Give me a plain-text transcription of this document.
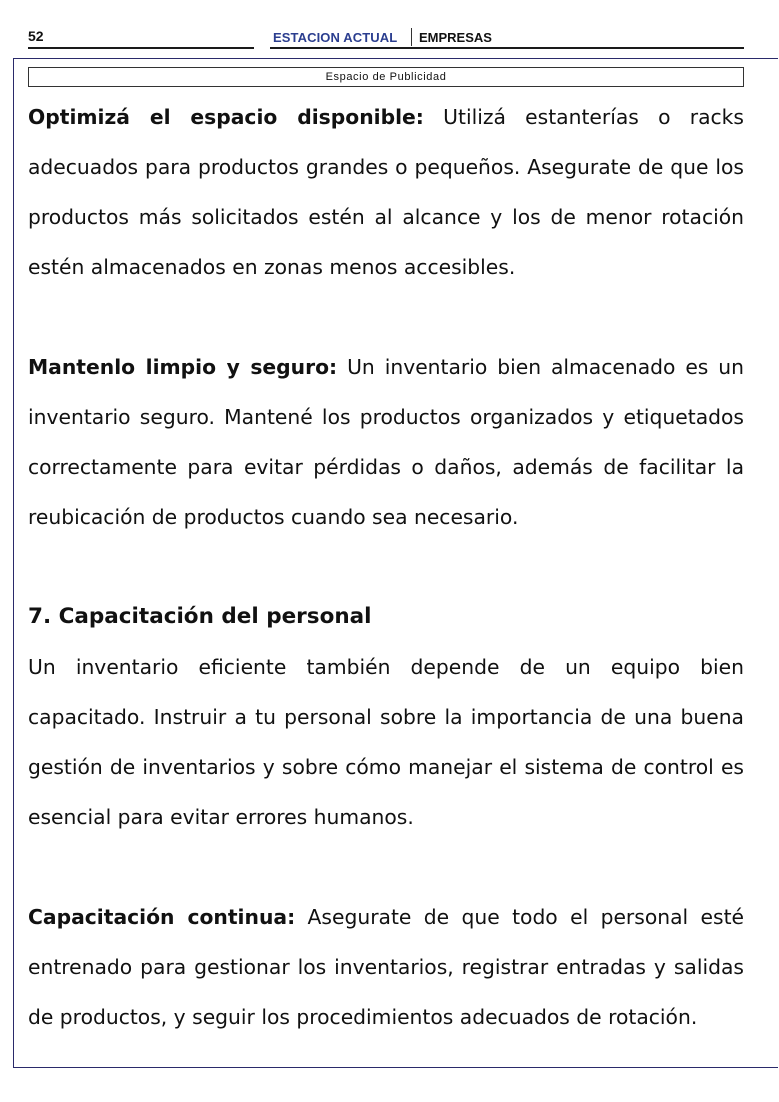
52	ESTACION ACTUAL EMPRESAS
Espacio de Publicidad

Optimizá el espacio disponible: Utilizá estanterías o racks adecuados para productos grandes o pequeños. Asegurate de que los productos más solicitados estén al alcance y los de menor rotación estén almacenados en zonas menos accesibles.

Mantenlo limpio y seguro: Un inventario bien almacenado es un inventario seguro. Mantené los productos organizados y etiquetados correctamente para evitar pérdidas o daños, además de facilitar la reubicación de productos cuando sea necesario.

7. Capacitación del personal

Un inventario eficiente también depende de un equipo bien capacitado. Instruir a tu personal sobre la importancia de una buena gestión de inventarios y sobre cómo manejar el sistema de control es esencial para evitar errores humanos.

Capacitación continua: Asegurate de que todo el personal esté entrenado para gestionar los inventarios, registrar entradas y salidas de productos, y seguir los procedimientos adecuados de rotación.
